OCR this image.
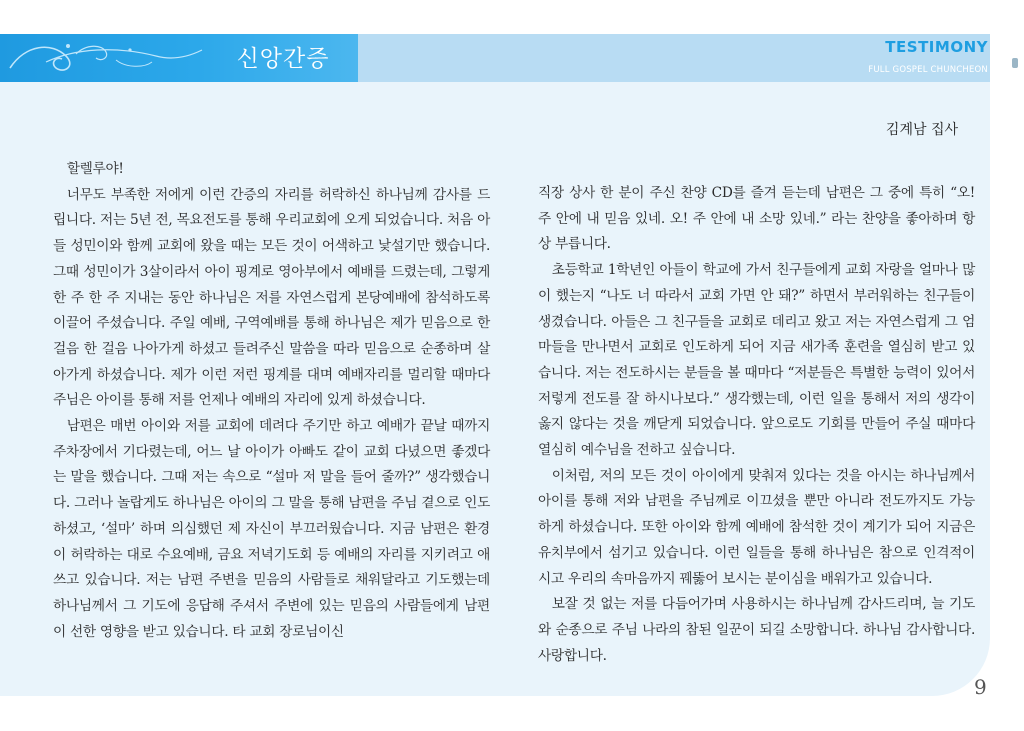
신앙간증	TESTIMONY
FULL GOSPEL CHUNCHEON
김계남 집사

할렐루야!

너무도 부족한 저에게 이런 간증의 자리를 허락하신 하나님께 감사를 드립니다. 저는 5년 전, 목요전도를 통해 우리교회에 오게 되었습니다. 처음 아들 성민이와 함께 교회에 왔을 때는 모든 것이 어색하고 낯설기만 했습니다. 그때 성민이가 3살이라서 아이 핑계로 영아부에서 예배를 드렸는데, 그렇게 한 주 한 주 지내는 동안 하나님은 저를 자연스럽게 본당예배에 참석하도록 이끌어 주셨습니다. 주일 예배, 구역예배를 통해 하나님은 제가 믿음으로 한 걸음 한 걸음 나아가게 하셨고 들려주신 말씀을 따라 믿음으로 순종하며 살아가게 하셨습니다. 제가 이런 저런 핑계를 대며 예배자리를 멀리할 때마다 주님은 아이를 통해 저를 언제나 예배의 자리에 있게 하셨습니다.

남편은 매번 아이와 저를 교회에 데려다 주기만 하고 예배가 끝날 때까지 주차장에서 기다렸는데, 어느 날 아이가 아빠도 같이 교회 다녔으면 좋겠다는 말을 했습니다. 그때 저는 속으로 “설마 저 말을 들어 줄까?” 생각했습니다. 그러나 놀랍게도 하나님은 아이의 그 말을 통해 남편을 주님 곁으로 인도하셨고, ‘설마’ 하며 의심했던 제 자신이 부끄러웠습니다. 지금 남편은 환경이 허락하는 대로 수요예배, 금요 저녁기도회 등 예배의 자리를 지키려고 애쓰고 있습니다. 저는 남편 주변을 믿음의 사람들로 채워달라고 기도했는데 하나님께서 그 기도에 응답해 주셔서 주변에 있는 믿음의 사람들에게 남편이 선한 영향을 받고 있습니다. 타 교회 장로님이신

직장 상사 한 분이 주신 찬양 CD를 즐겨 듣는데 남편은 그 중에 특히 “오! 주 안에 내 믿음 있네. 오! 주 안에 내 소망 있네.” 라는 찬양을 좋아하며 항상 부릅니다.

초등학교 1학년인 아들이 학교에 가서 친구들에게 교회 자랑을 얼마나 많이 했는지 “나도 너 따라서 교회 가면 안 돼?” 하면서 부러워하는 친구들이 생겼습니다. 아들은 그 친구들을 교회로 데리고 왔고 저는 자연스럽게 그 엄마들을 만나면서 교회로 인도하게 되어 지금 새가족 훈련을 열심히 받고 있습니다. 저는 전도하시는 분들을 볼 때마다 “저분들은 특별한 능력이 있어서 저렇게 전도를 잘 하시나보다.” 생각했는데, 이런 일을 통해서 저의 생각이 옳지 않다는 것을 깨닫게 되었습니다. 앞으로도 기회를 만들어 주실 때마다 열심히 예수님을 전하고 싶습니다.

이처럼, 저의 모든 것이 아이에게 맞춰져 있다는 것을 아시는 하나님께서 아이를 통해 저와 남편을 주님께로 이끄셨을 뿐만 아니라 전도까지도 가능하게 하셨습니다. 또한 아이와 함께 예배에 참석한 것이 계기가 되어 지금은 유치부에서 섬기고 있습니다. 이런 일들을 통해 하나님은 참으로 인격적이시고 우리의 속마음까지 꿰뚫어 보시는 분이심을 배워가고 있습니다.

보잘 것 없는 저를 다듬어가며 사용하시는 하나님께 감사드리며, 늘 기도와 순종으로 주님 나라의 참된 일꾼이 되길 소망합니다. 하나님 감사합니다. 사랑합니다.

9
